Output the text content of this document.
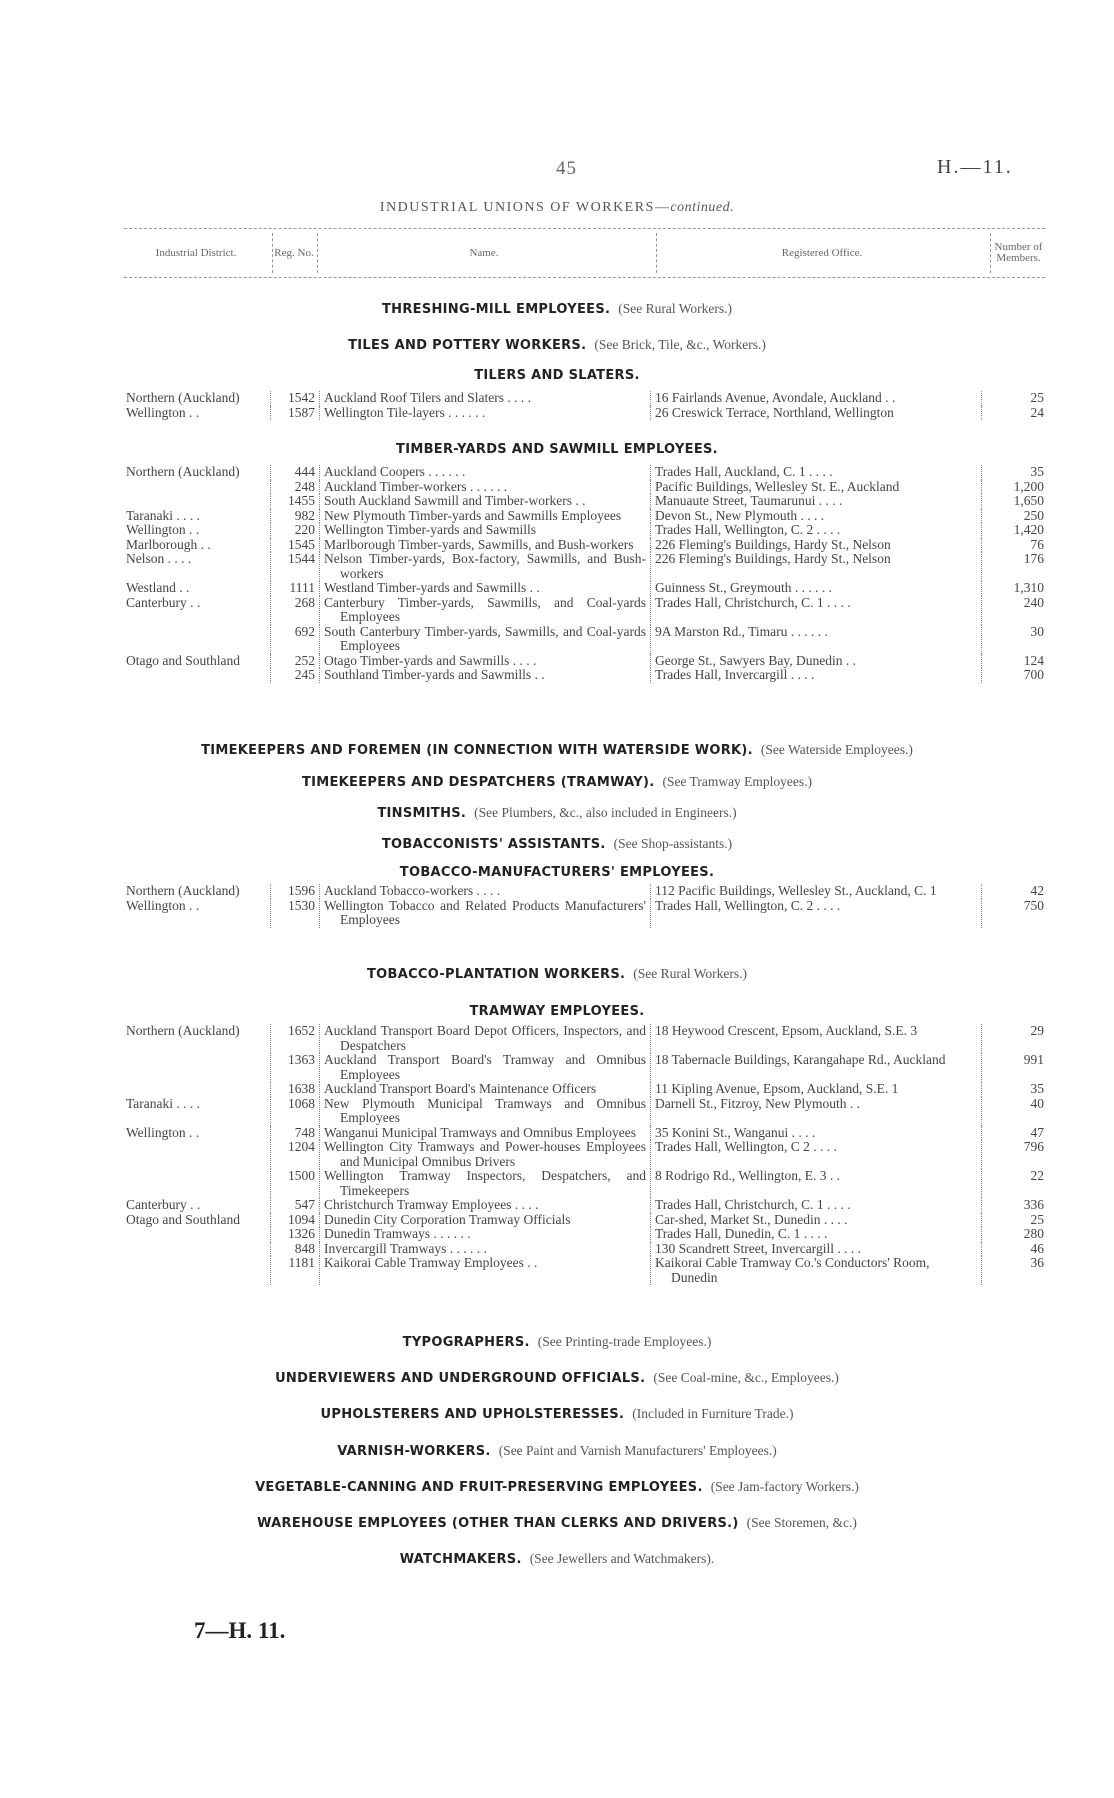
45	H.—11.
INDUSTRIAL UNIONS OF WORKERS—continued.
Industrial District.	Reg. No.	Name.	Registered Office.	Number of Members.
THRESHING-MILL EMPLOYEES. (See Rural Workers.)
TILES AND POTTERY WORKERS. (See Brick, Tile, &c., Workers.)
TILERS AND SLATERS.
Northern (Auckland)	1542	Auckland Roof Tilers and Slaters . . . .	16 Fairlands Avenue, Avondale, Auckland . .	25
Wellington . .	1587	Wellington Tile-layers . . . . . .	26 Creswick Terrace, Northland, Wellington	24
TIMBER-YARDS AND SAWMILL EMPLOYEES.
Northern (Auckland)	444	Auckland Coopers . . . . . .	Trades Hall, Auckland, C. 1 . . . .	35
	248	Auckland Timber-workers . . . . . .	Pacific Buildings, Wellesley St. E., Auckland	1,200
	1455	South Auckland Sawmill and Timber-workers . .	Manuaute Street, Taumarunui . . . .	1,650
Taranaki . . . .	982	New Plymouth Timber-yards and Sawmills Employees	Devon St., New Plymouth . . . .	250
Wellington . .	220	Wellington Timber-yards and Sawmills	Trades Hall, Wellington, C. 2 . . . .	1,420
Marlborough . .	1545	Marlborough Timber-yards, Sawmills, and Bush-workers	226 Fleming's Buildings, Hardy St., Nelson	76
Nelson . . . .	1544	Nelson Timber-yards, Box-factory, Sawmills, and Bush-workers	226 Fleming's Buildings, Hardy St., Nelson	176
Westland . .	1111	Westland Timber-yards and Sawmills . .	Guinness St., Greymouth . . . . . .	1,310
Canterbury . .	268	Canterbury Timber-yards, Sawmills, and Coal-yards Employees	Trades Hall, Christchurch, C. 1 . . . .	240
	692	South Canterbury Timber-yards, Sawmills, and Coal-yards Employees	9A Marston Rd., Timaru . . . . . .	30
Otago and Southland	252	Otago Timber-yards and Sawmills . . . .	George St., Sawyers Bay, Dunedin . .	124
	245	Southland Timber-yards and Sawmills . .	Trades Hall, Invercargill . . . .	700
TIMEKEEPERS AND FOREMEN (IN CONNECTION WITH WATERSIDE WORK). (See Waterside Employees.)
TIMEKEEPERS AND DESPATCHERS (TRAMWAY). (See Tramway Employees.)
TINSMITHS. (See Plumbers, &c., also included in Engineers.)
TOBACCONISTS' ASSISTANTS. (See Shop-assistants.)
TOBACCO-MANUFACTURERS' EMPLOYEES.
Northern (Auckland)	1596	Auckland Tobacco-workers . . . .	112 Pacific Buildings, Wellesley St., Auckland, C. 1	42
Wellington . .	1530	Wellington Tobacco and Related Products Manufacturers' Employees	Trades Hall, Wellington, C. 2 . . . .	750
TOBACCO-PLANTATION WORKERS. (See Rural Workers.)
TRAMWAY EMPLOYEES.
Northern (Auckland)	1652	Auckland Transport Board Depot Officers, Inspectors, and Despatchers	18 Heywood Crescent, Epsom, Auckland, S.E. 3	29
	1363	Auckland Transport Board's Tramway and Omnibus Employees	18 Tabernacle Buildings, Karangahape Rd., Auckland	991
	1638	Auckland Transport Board's Maintenance Officers	11 Kipling Avenue, Epsom, Auckland, S.E. 1	35
Taranaki . . . .	1068	New Plymouth Municipal Tramways and Omnibus Employees	Darnell St., Fitzroy, New Plymouth . .	40
Wellington . .	748	Wanganui Municipal Tramways and Omnibus Employees	35 Konini St., Wanganui . . . .	47
	1204	Wellington City Tramways and Power-houses Employees and Municipal Omnibus Drivers	Trades Hall, Wellington, C 2 . . . .	796
	1500	Wellington Tramway Inspectors, Despatchers, and Timekeepers	8 Rodrigo Rd., Wellington, E. 3 . .	22
Canterbury . .	547	Christchurch Tramway Employees . . . .	Trades Hall, Christchurch, C. 1 . . . .	336
Otago and Southland	1094	Dunedin City Corporation Tramway Officials	Car-shed, Market St., Dunedin . . . .	25
	1326	Dunedin Tramways . . . . . .	Trades Hall, Dunedin, C. 1 . . . .	280
	848	Invercargill Tramways . . . . . .	130 Scandrett Street, Invercargill . . . .	46
	1181	Kaikorai Cable Tramway Employees . .	Kaikorai Cable Tramway Co.'s Conductors' Room, Dunedin	36
TYPOGRAPHERS. (See Printing-trade Employees.)
UNDERVIEWERS AND UNDERGROUND OFFICIALS. (See Coal-mine, &c., Employees.)
UPHOLSTERERS AND UPHOLSTERESSES. (Included in Furniture Trade.)
VARNISH-WORKERS. (See Paint and Varnish Manufacturers' Employees.)
VEGETABLE-CANNING AND FRUIT-PRESERVING EMPLOYEES. (See Jam-factory Workers.)
WAREHOUSE EMPLOYEES (OTHER THAN CLERKS AND DRIVERS.) (See Storemen, &c.)
WATCHMAKERS. (See Jewellers and Watchmakers).
7—H. 11.
